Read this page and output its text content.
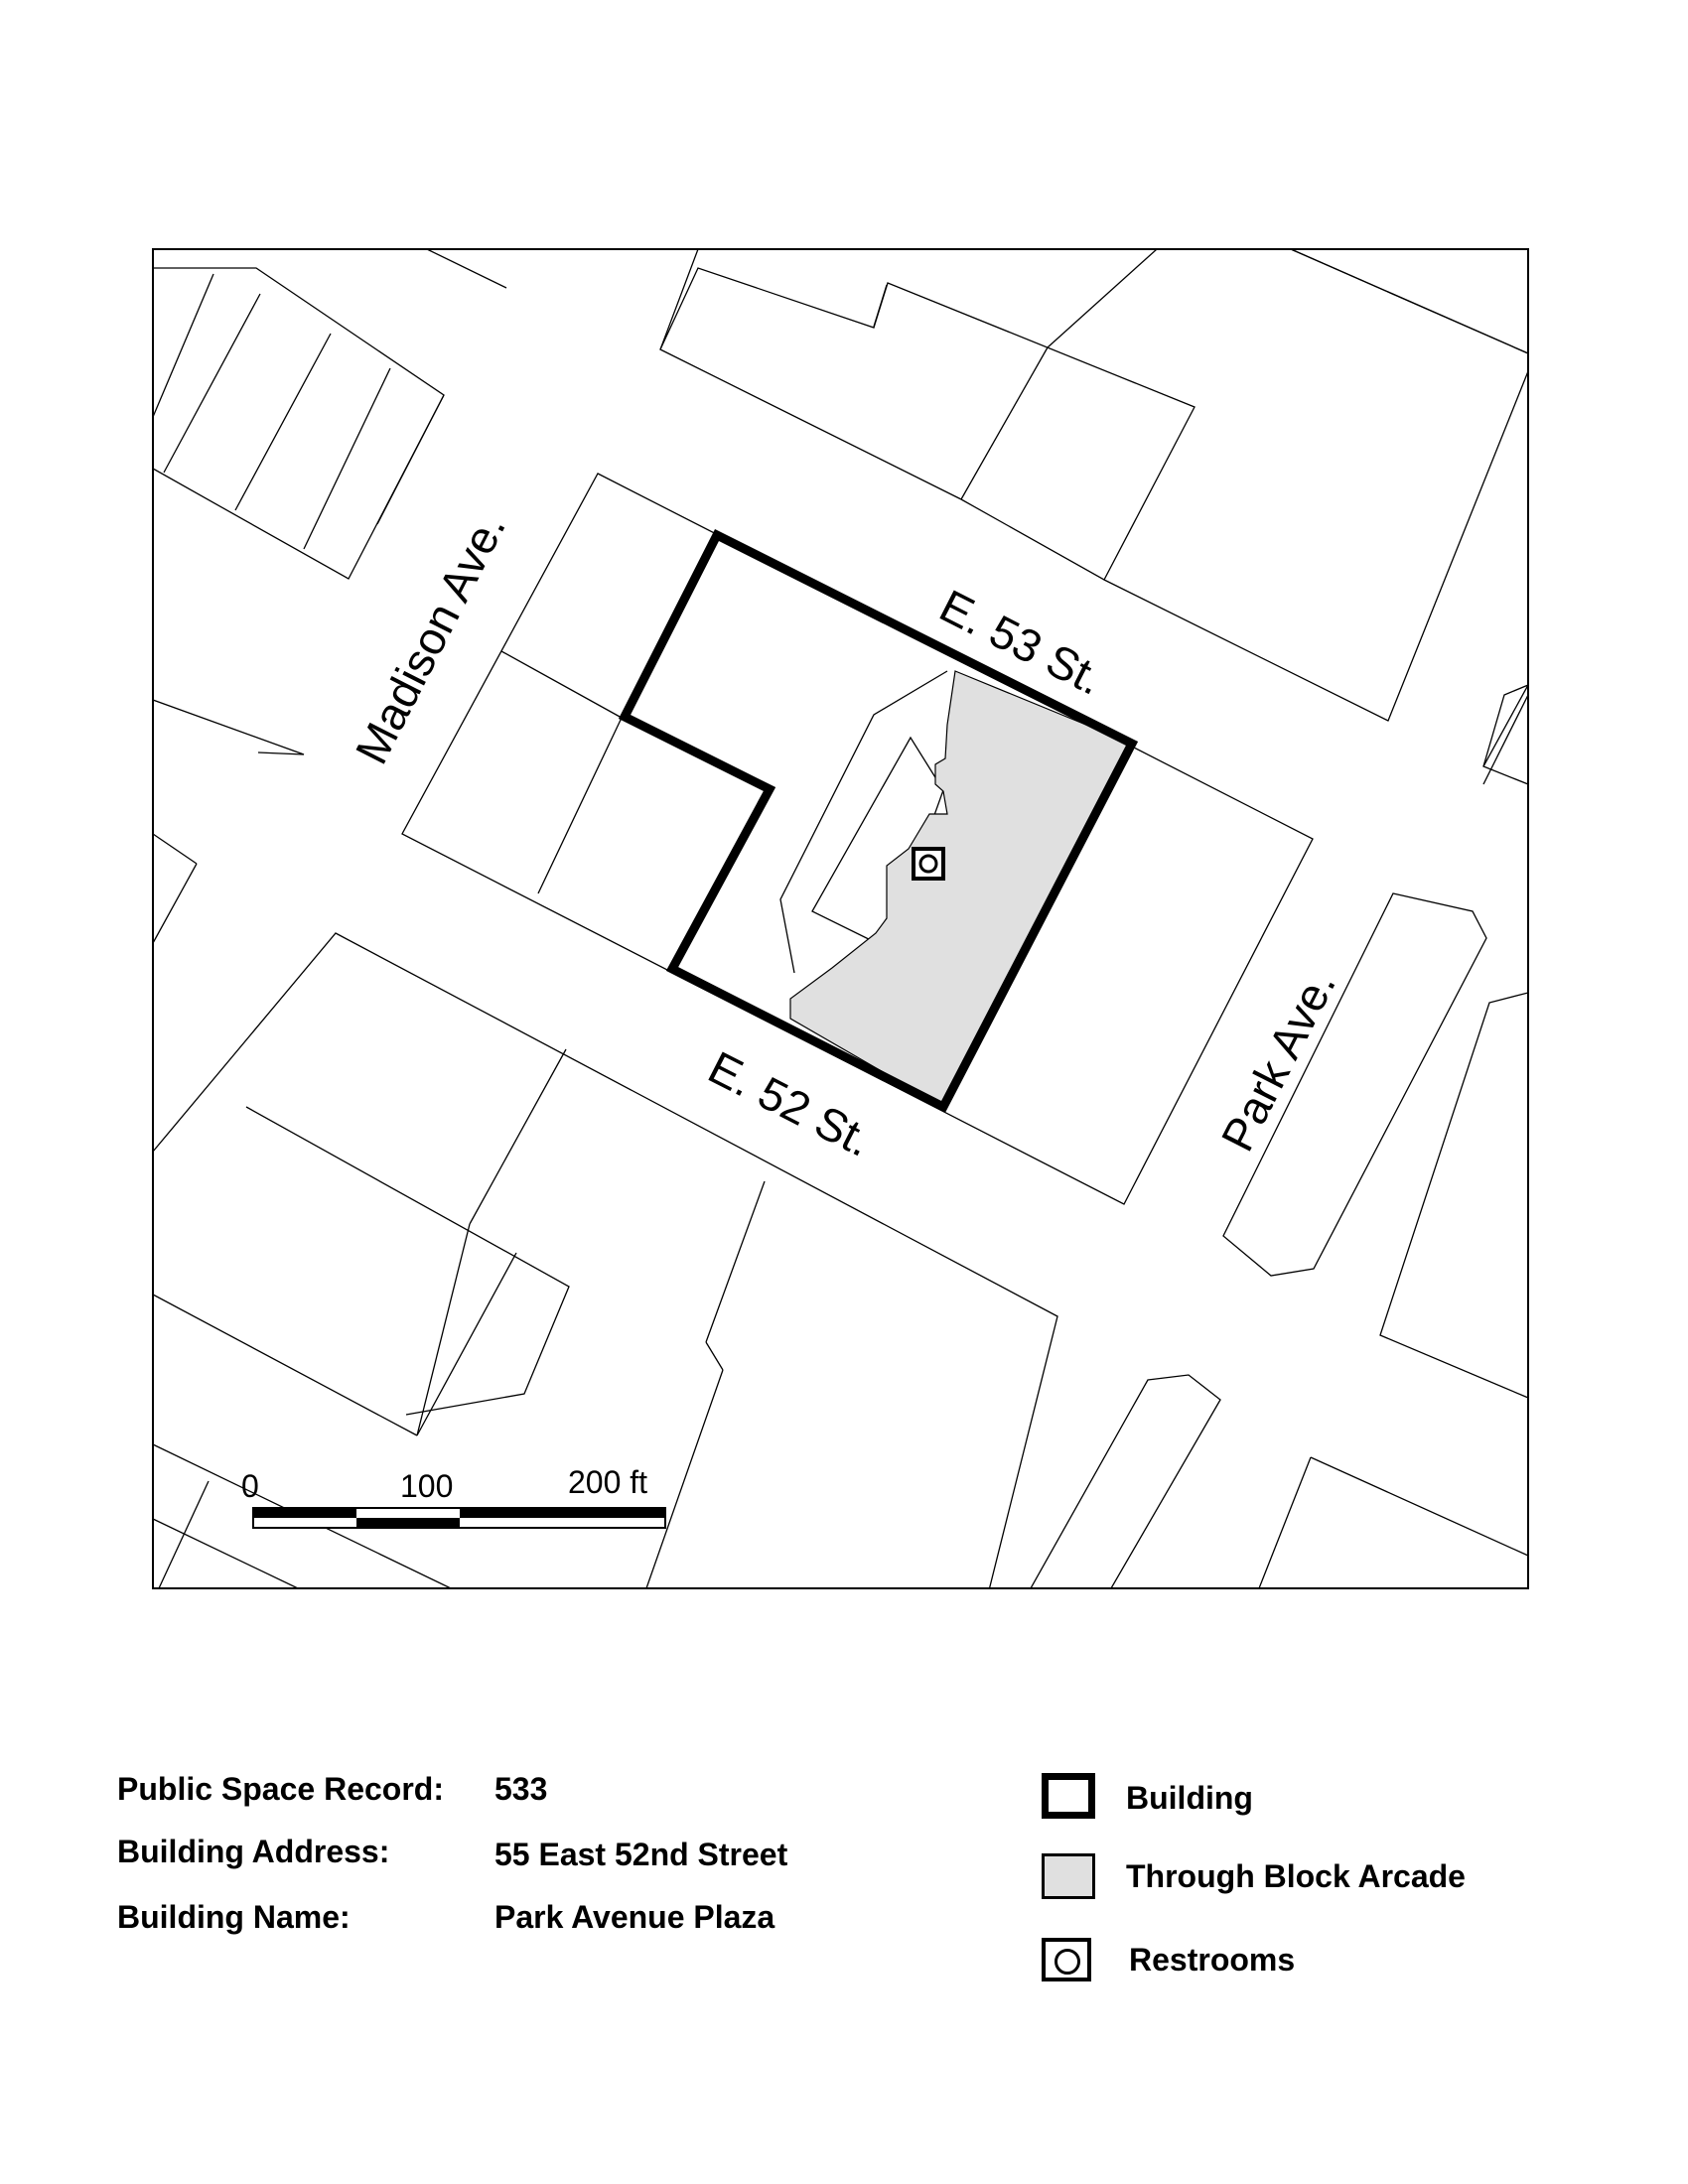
Madison Ave.	E. 53 St.
E. 52 St.	Park Ave.
0	100	200 ft
Public Space Record: 533
Building Address:	55 East 52nd Street
Building Name:	Park Avenue Plaza
Building
Through Block Arcade
Restrooms
